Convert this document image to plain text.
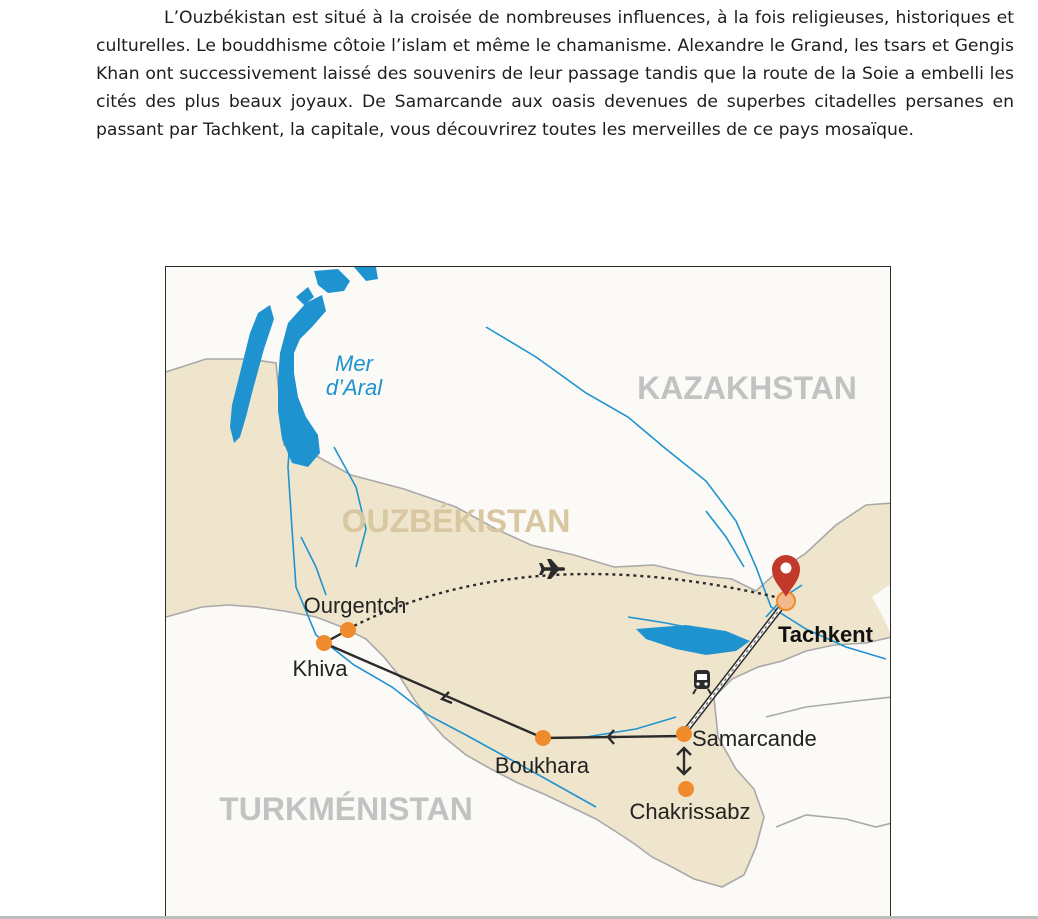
L’Ouzbékistan est situé à la croisée de nombreuses influences, à la fois religieuses, historiques et culturelles. Le bouddhisme côtoie l’islam et même le chamanisme. Alexandre le Grand, les tsars et Gengis Khan ont successivement laissé des souvenirs de leur passage tandis que la route de la Soie a embelli les cités des plus beaux joyaux. De Samarcande aux oasis devenues de superbes citadelles persanes en passant par Tachkent, la capitale, vous découvrirez toutes les merveilles de ce pays mosaïque.

KAZAKHSTAN
OUZBÉKISTAN
TURKMÉNISTAN
Mer
d’Aral
Ourgentch
Khiva
Boukhara
Samarcande
Chakrissabz
Tachkent
